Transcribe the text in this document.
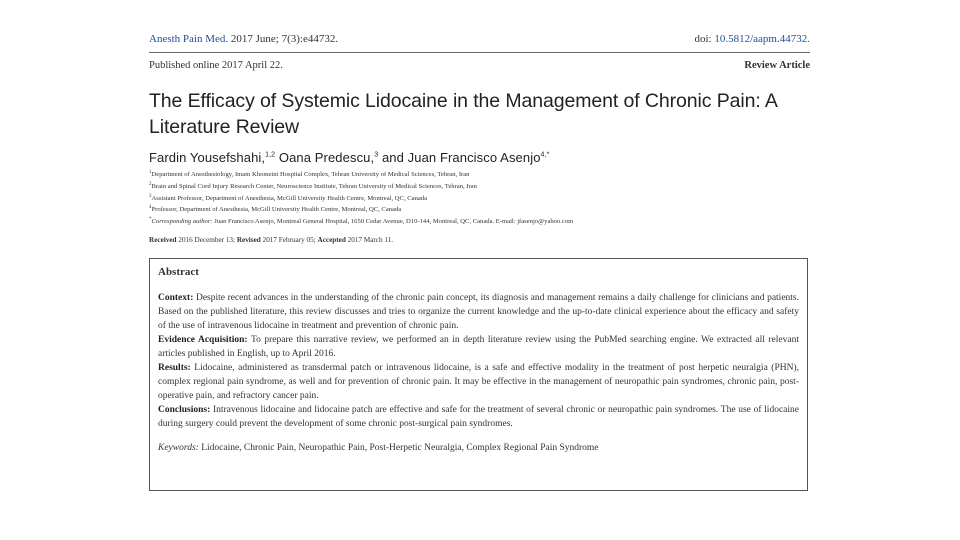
Anesth Pain Med. 2017 June; 7(3):e44732.	doi: 10.5812/aapm.44732.
Published online 2017 April 22.	Review Article
The Efficacy of Systemic Lidocaine in the Management of Chronic Pain: A Literature Review
Fardin Yousefshahi,$^{1,2}$ Oana Predescu,$^3$ and Juan Francisco Asenjo$^{4,*}$
$^1$Department of Anesthesiology, Imam Khomeini Hospital Complex, Tehran University of Medical Sciences, Tehran, Iran
$^2$Brain and Spinal Cord Injury Research Center, Neuroscience Institute, Tehran University of Medical Sciences, Tehran, Iran
$^3$Assistant Professor, Department of Anesthesia, McGill University Health Centre, Montreal, QC, Canada
$^4$Professor, Department of Anesthesia, McGill University Health Centre, Montreal, QC, Canada
*Corresponding author: Juan Francisco Asenjo, Montreal General Hospital, 1650 Cedar Avenue, D10-144, Montreal, QC, Canada. E-mail: jfasenjo@yahoo.com
Received 2016 December 13; Revised 2017 February 05; Accepted 2017 March 11.
Abstract

Context: Despite recent advances in the understanding of the chronic pain concept, its diagnosis and management remains a daily challenge for clinicians and patients. Based on the published literature, this review discusses and tries to organize the current knowledge and the up-to-date clinical experience about the efficacy and safety of the use of intravenous lidocaine in treatment and prevention of chronic pain.

Evidence Acquisition: To prepare this narrative review, we performed an in depth literature review using the PubMed searching engine. We extracted all relevant articles published in English, up to April 2016.

Results: Lidocaine, administered as transdermal patch or intravenous lidocaine, is a safe and effective modality in the treatment of post herpetic neuralgia (PHN), complex regional pain syndrome, as well and for prevention of chronic pain. It may be effective in the management of neuropathic pain syndromes, chronic pain, post-operative pain, and refractory cancer pain.

Conclusions: Intravenous lidocaine and lidocaine patch are effective and safe for the treatment of several chronic or neuropathic pain syndromes. The use of lidocaine during surgery could prevent the development of some chronic post-surgical pain syndromes.

Keywords: Lidocaine, Chronic Pain, Neuropathic Pain, Post-Herpetic Neuralgia, Complex Regional Pain Syndrome
